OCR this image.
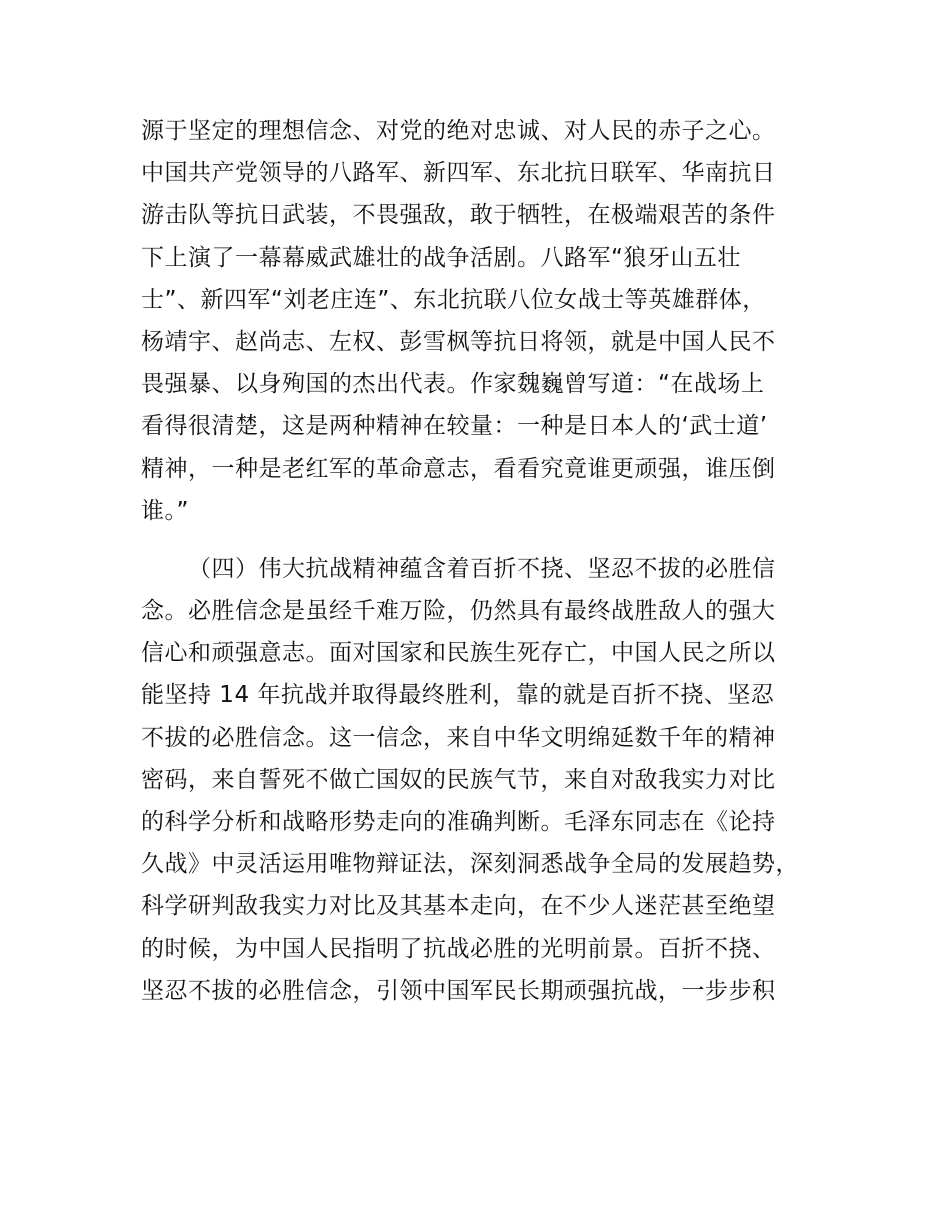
源于坚定的理想信念、对党的绝对忠诚、对人民的赤子之心。
中国共产党领导的八路军、新四军、东北抗日联军、华南抗日
游击队等抗日武装，不畏强敌，敢于牺牲，在极端艰苦的条件
下上演了一幕幕威武雄壮的战争活剧。八路军“狼牙山五壮
士”、新四军“刘老庄连”、东北抗联八位女战士等英雄群体，
杨靖宇、赵尚志、左权、彭雪枫等抗日将领，就是中国人民不
畏强暴、以身殉国的杰出代表。作家魏巍曾写道：“在战场上
看得很清楚，这是两种精神在较量：一种是日本人的‘武士道’
精神，一种是老红军的革命意志，看看究竟谁更顽强，谁压倒
谁。”
（四）伟大抗战精神蕴含着百折不挠、坚忍不拔的必胜信
念。必胜信念是虽经千难万险，仍然具有最终战胜敌人的强大
信心和顽强意志。面对国家和民族生死存亡，中国人民之所以
能坚持 14 年抗战并取得最终胜利，靠的就是百折不挠、坚忍
不拔的必胜信念。这一信念，来自中华文明绵延数千年的精神
密码，来自誓死不做亡国奴的民族气节，来自对敌我实力对比
的科学分析和战略形势走向的准确判断。毛泽东同志在《论持
久战》中灵活运用唯物辩证法，深刻洞悉战争全局的发展趋势，
科学研判敌我实力对比及其基本走向，在不少人迷茫甚至绝望
的时候，为中国人民指明了抗战必胜的光明前景。百折不挠、
坚忍不拔的必胜信念，引领中国军民长期顽强抗战，一步步积
